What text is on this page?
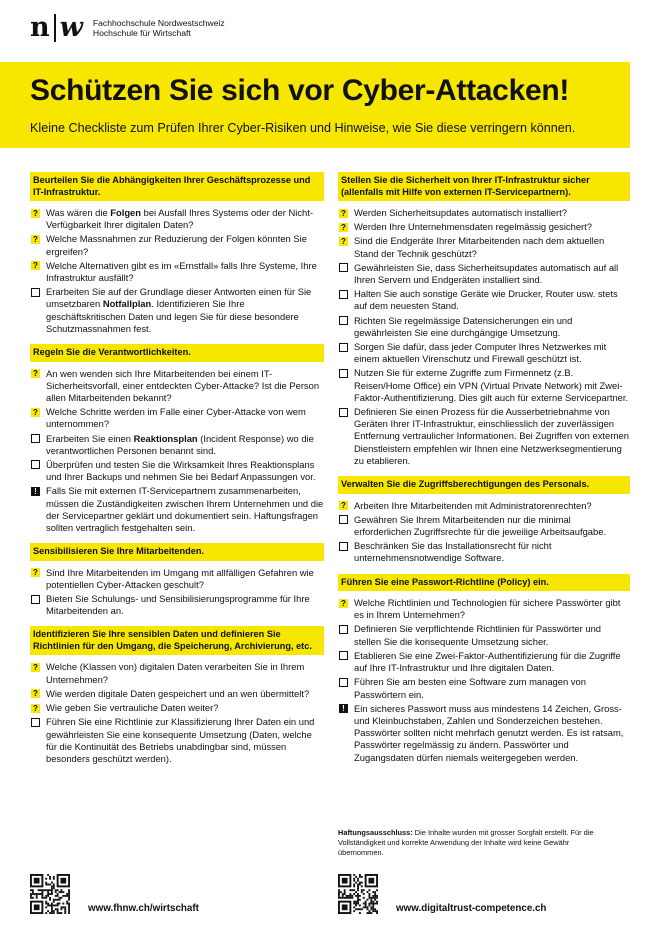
n w Fachhochschule Nordwestschweiz
Hochschule für Wirtschaft
Schützen Sie sich vor Cyber-Attacken!

Kleine Checkliste zum Prüfen Ihrer Cyber-Risiken und Hinweise, wie Sie diese verringern können.

Beurteilen Sie die Abhängigkeiten Ihrer Geschäftsprozesse und IT-Infrastruktur.
? Was wären die Folgen bei Ausfall Ihres Systems oder der Nicht-Verfügbarkeit Ihrer digitalen Daten?
? Welche Massnahmen zur Reduzierung der Folgen könnten Sie ergreifen?
? Welche Alternativen gibt es im «Ernstfall» falls Ihre Systeme, Ihre Infrastruktur ausfällt?
Erarbeiten Sie auf der Grundlage dieser Antworten einen für Sie umsetzbaren Notfallplan. Identifizieren Sie Ihre geschäftskritischen Daten und legen Sie für diese besondere Schutzmassnahmen fest.
Regeln Sie die Verantwortlichkeiten.
? An wen wenden sich Ihre Mitarbeitenden bei einem IT-Sicherheitsvorfall, einer entdeckten Cyber-Attacke? Ist die Person allen Mitarbeitenden bekannt?
? Welche Schritte werden im Falle einer Cyber-Attacke von wem unternommen?
Erarbeiten Sie einen Reaktionsplan (Incident Response) wo die verantwortlichen Personen benannt sind.
Überprüfen und testen Sie die Wirksamkeit Ihres Reaktionsplans und Ihrer Backups und nehmen Sie bei Bedarf Anpassungen vor.
! Falls Sie mit externen IT-Servicepartnern zusammenarbeiten, müssen die Zuständigkeiten zwischen Ihrem Unternehmen und die der Servicepartner geklärt und dokumentiert sein. Haftungsfragen sollten vertraglich festgehalten sein.
Sensibilisieren Sie Ihre Mitarbeitenden.
? Sind Ihre Mitarbeitenden im Umgang mit allfälligen Gefahren wie potentiellen Cyber-Attacken geschult?
Bieten Sie Schulungs- und Sensibilisierungsprogramme für Ihre Mitarbeitenden an.
Identifizieren Sie Ihre sensiblen Daten und definieren Sie Richtlinien für den Umgang, die Speicherung, Archivierung, etc.
? Welche (Klassen von) digitalen Daten verarbeiten Sie in Ihrem Unternehmen?
? Wie werden digitale Daten gespeichert und an wen übermittelt?
? Wie geben Sie vertrauliche Daten weiter?
Führen Sie eine Richtlinie zur Klassifizierung Ihrer Daten ein und gewährleisten Sie eine konsequente Umsetzung (Daten, welche für die Kontinuität des Betriebs unabdingbar sind, müssen besonders geschützt werden).
Stellen Sie die Sicherheit von Ihrer IT-Infrastruktur sicher (allenfalls mit Hilfe von externen IT-Servicepartnern).
? Werden Sicherheitsupdates automatisch installiert?
? Werden Ihre Unternehmensdaten regelmässig gesichert?
? Sind die Endgeräte Ihrer Mitarbeitenden nach dem aktuellen Stand der Technik geschützt?
Gewährleisten Sie, dass Sicherheitsupdates automatisch auf all Ihren Servern und Endgeräten installiert sind.
Halten Sie auch sonstige Geräte wie Drucker, Router usw. stets auf dem neuesten Stand.
Richten Sie regelmässige Datensicherungen ein und gewährleisten Sie eine durchgängige Umsetzung.
Sorgen Sie dafür, dass jeder Computer Ihres Netzwerkes mit einem aktuellen Virenschutz und Firewall geschützt ist.
Nutzen Sie für externe Zugriffe zum Firmennetz (z.B. Reisen/Home Office) ein VPN (Virtual Private Network) mit Zwei-Faktor-Authentifizierung. Dies gilt auch für externe Servicepartner.
Definieren Sie einen Prozess für die Ausserbetriebnahme von Geräten Ihrer IT-Infrastruktur, einschliesslich der zuverlässigen Entfernung vertraulicher Informationen. Bei Zugriffen von externen Dienstleistern empfehlen wir Ihnen eine Netzwerksegmentierung zu etablieren.
Verwalten Sie die Zugriffsberechtigungen des Personals.
? Arbeiten Ihre Mitarbeitenden mit Administratorenrechten?
Gewähren Sie Ihrem Mitarbeitenden nur die minimal erforderlichen Zugriffsrechte für die jeweilige Arbeitsaufgabe.
Beschränken Sie das Installationsrecht für nicht unternehmensnotwendige Software.
Führen Sie eine Passwort-Richtline (Policy) ein.
? Welche Richtlinien und Technologien für sichere Passwörter gibt es in Ihrem Unternehmen?
Definieren Sie verpflichtende Richtlinien für Passwörter und stellen Sie die konsequente Umsetzung sicher.
Etablieren Sie eine Zwei-Faktor-Authentifizierung für die Zugriffe auf Ihre IT-Infrastruktur und Ihre digitalen Daten.
Führen Sie am besten eine Software zum managen von Passwörtern ein.
! Ein sicheres Passwort muss aus mindestens 14 Zeichen, Gross- und Kleinbuchstaben, Zahlen und Sonderzeichen bestehen. Passwörter sollten nicht mehrfach genutzt werden. Es ist ratsam, Passwörter regelmässig zu ändern. Passwörter und Zugangsdaten dürfen niemals weitergegeben werden.
Haftungsausschluss: Die Inhalte wurden mit grosser Sorgfalt erstellt. Für die Vollständigkeit und korrekte Anwendung der Inhalte wird keine Gewähr übernommen.
www.fhnw.ch/wirtschaft	www.digitaltrust-competence.ch
